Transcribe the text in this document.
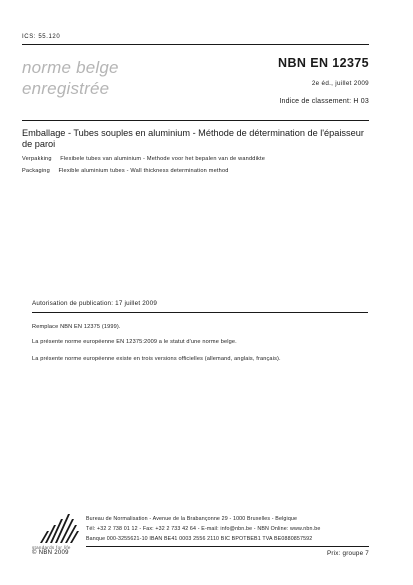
ICS: 55.120
norme belge
enregistrée
NBN EN 12375
2e éd., juillet 2009
Indice de classement: H 03
Emballage - Tubes souples en aluminium - Méthode de détermination de l'épaisseur de paroi
Verpakking Flexibele tubes van aluminium - Methode voor het bepalen van de wanddikte
Packaging Flexible aluminium tubes - Wall thickness determination method
Autorisation de publication: 17 juillet 2009
Remplace NBN EN 12375 (1999).
La présente norme européenne EN 12375:2009 a le statut d'une norme belge.
La présente norme européenne existe en trois versions officielles (allemand, anglais, français).
standards for life
Bureau de Normalisation - Avenue de la Brabançonne 29 - 1000 Bruxelles - Belgique
Tél: +32 2 738 01 12 - Fax: +32 2 733 42 64 - E-mail: info@nbn.be - NBN Online: www.nbn.be
Banque 000-3255621-10 IBAN BE41 0003 2556 2110 BIC BPOTBEB1 TVA BE0880857592
© NBN 2009	Prix: groupe 7
